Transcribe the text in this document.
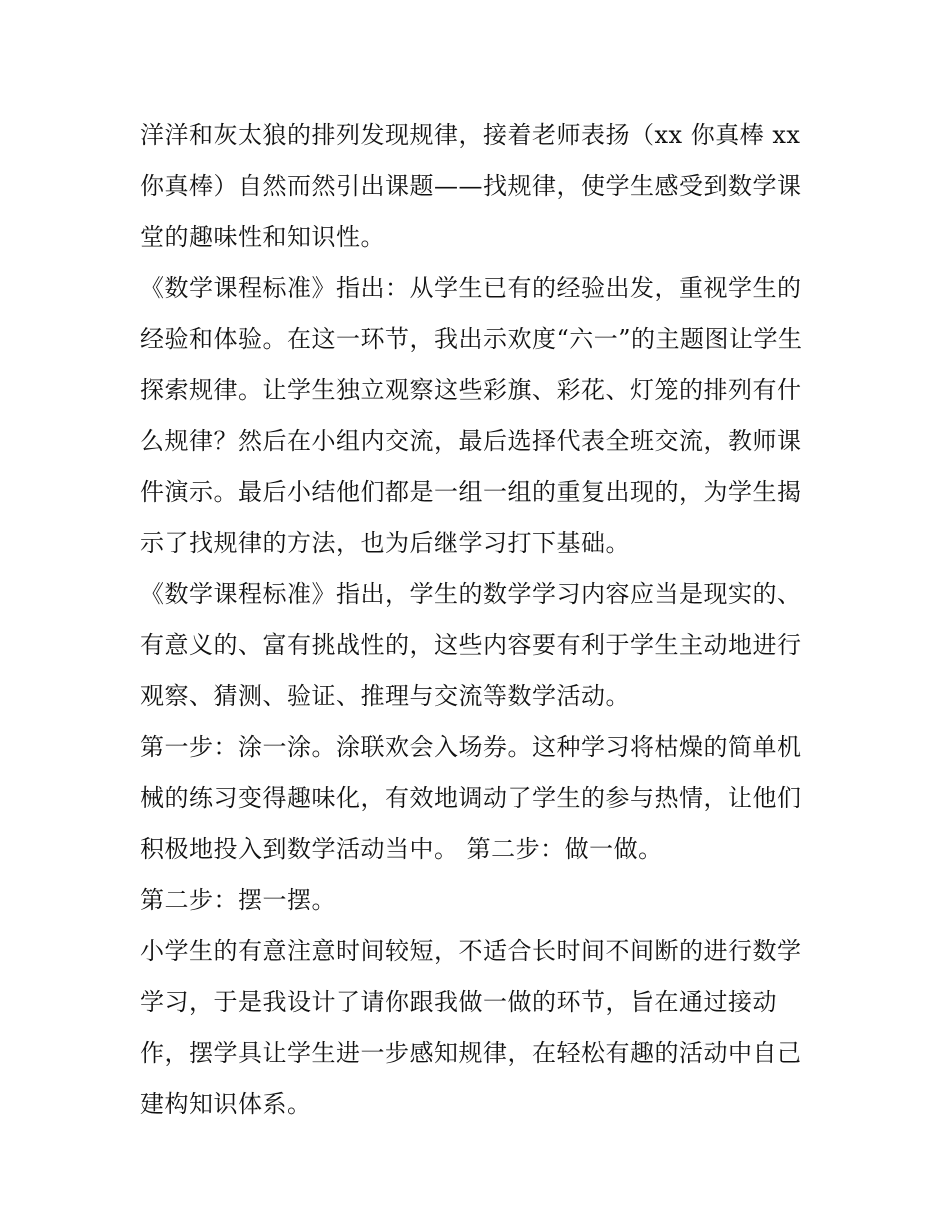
洋洋和灰太狼的排列发现规律，接着老师表扬（xx 你真棒 xx
你真棒）自然而然引出课题——找规律，使学生感受到数学课
堂的趣味性和知识性。
《数学课程标准》指出：从学生已有的经验出发，重视学生的
经验和体验。在这一环节，我出示欢度“六一”的主题图让学生
探索规律。让学生独立观察这些彩旗、彩花、灯笼的排列有什
么规律？然后在小组内交流，最后选择代表全班交流，教师课
件演示。最后小结他们都是一组一组的重复出现的，为学生揭
示了找规律的方法，也为后继学习打下基础。
《数学课程标准》指出，学生的数学学习内容应当是现实的、
有意义的、富有挑战性的，这些内容要有利于学生主动地进行
观察、猜测、验证、推理与交流等数学活动。
第一步：涂一涂。涂联欢会入场券。这种学习将枯燥的简单机
械的练习变得趣味化，有效地调动了学生的参与热情，让他们
积极地投入到数学活动当中。 第二步：做一做。
第二步：摆一摆。
小学生的有意注意时间较短，不适合长时间不间断的进行数学
学习，于是我设计了请你跟我做一做的环节，旨在通过接动
作，摆学具让学生进一步感知规律，在轻松有趣的活动中自己
建构知识体系。
